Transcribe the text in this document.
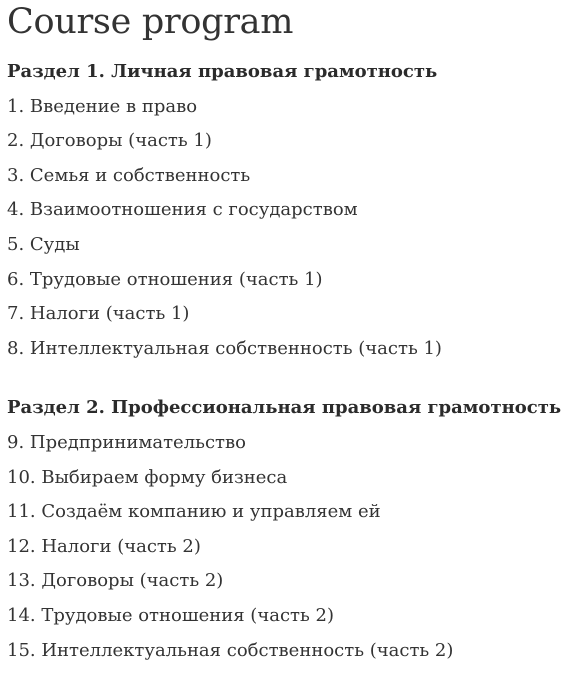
Course program
Раздел 1. Личная правовая грамотность
1. Введение в право
2. Договоры (часть 1)
3. Семья и собственность
4. Взаимоотношения с государством
5. Суды
6. Трудовые отношения (часть 1)
7. Налоги (часть 1)
8. Интеллектуальная собственность (часть 1)
Раздел 2. Профессиональная правовая грамотность
9. Предпринимательство
10. Выбираем форму бизнеса
11. Создаём компанию и управляем ей
12. Налоги (часть 2)
13. Договоры (часть 2)
14. Трудовые отношения (часть 2)
15. Интеллектуальная собственность (часть 2)
